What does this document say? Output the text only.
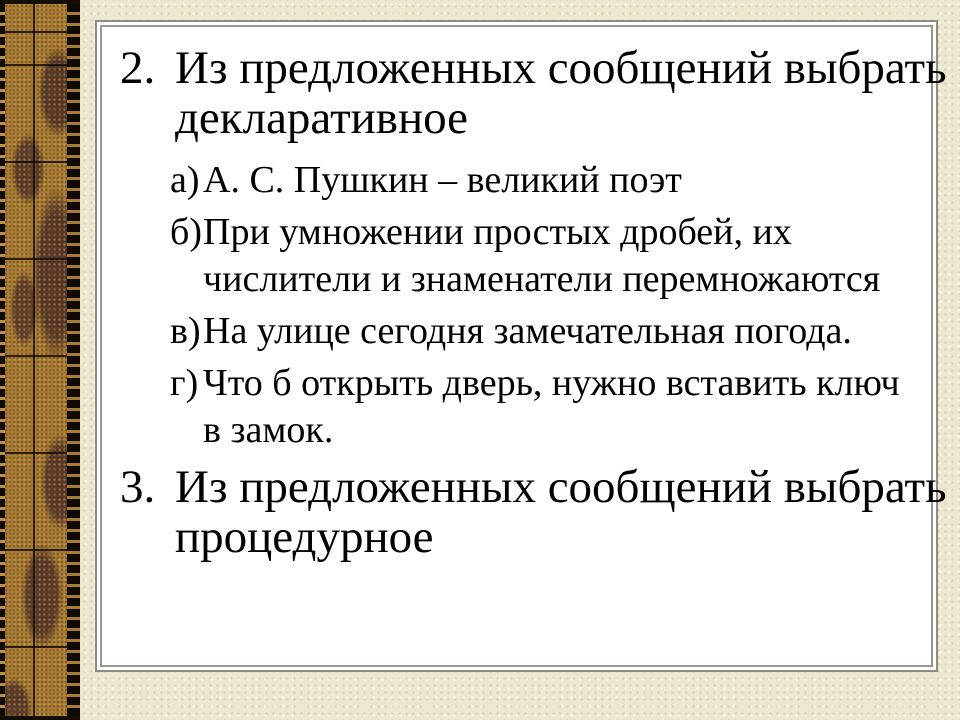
2. Из предложенных сообщений выбрать
декларативное
а) А. С. Пушкин – великий поэт
б) При умножении простых дробей, их
числители и знаменатели перемножаются
в) На улице сегодня замечательная погода.
г) Что б открыть дверь, нужно вставить ключ
в замок.
3. Из предложенных сообщений выбрать
процедурное
